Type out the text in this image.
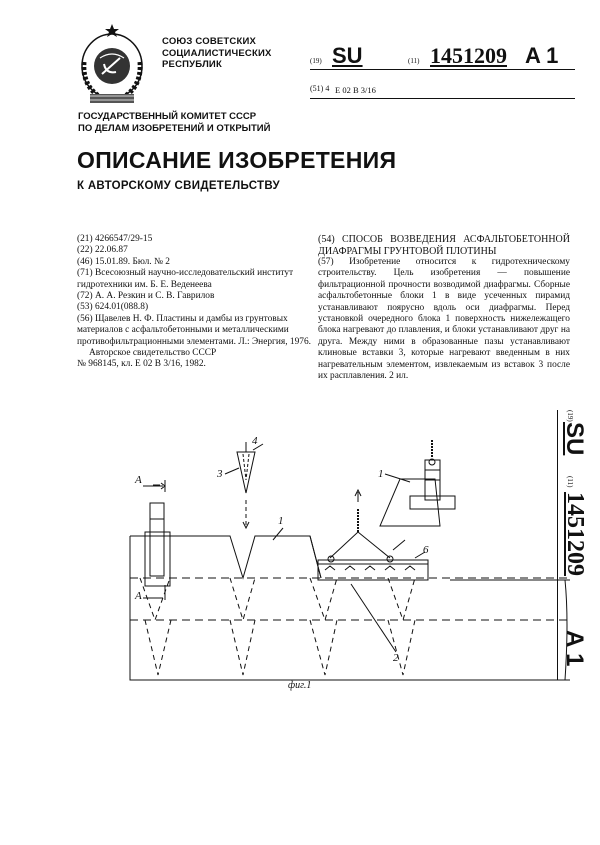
СОЮЗ СОВЕТСКИХ
СОЦИАЛИСТИЧЕСКИХ
РЕСПУБЛИК
ГОСУДАРСТВЕННЫЙ КОМИТЕТ СССР
ПО ДЕЛАМ ИЗОБРЕТЕНИЙ И ОТКРЫТИЙ
(19) SU	(11) 1451209 A 1
(51) 4 E 02 B 3/16
ОПИСАНИЕ ИЗОБРЕТЕНИЯ
К АВТОРСКОМУ СВИДЕТЕЛЬСТВУ

(21) 4266547/29-15

(22) 22.06.87

(46) 15.01.89. Бюл. № 2

(71) Всесоюзный научно-исследовательский институт гидротехники им. Б. Е. Веденеева

(72) А. А. Резкин и С. В. Гаврилов

(53) 624.01(088.8)

(56) Щавелев Н. Ф. Пластины и дамбы из грунтовых материалов с асфальтобетонными и металлическими противофильтрационными элементами. Л.: Энергия, 1976.

Авторское свидетельство СССР

№ 968145, кл. Е 02 В 3/16, 1982.

(54) СПОСОБ ВОЗВЕДЕНИЯ АСФАЛЬТОБЕТОННОЙ ДИАФРАГМЫ ГРУНТОВОЙ ПЛОТИНЫ

(57) Изобретение относится к гидротехническому строительству. Цель изобретения — повышение фильтрационной прочности возводимой диафрагмы. Сборные асфальтобетонные блоки 1 в виде усеченных пирамид устанавливают поярусно вдоль оси диафрагмы. Перед установкой очередного блока 1 поверхность нижележащего блока нагревают до плавления, и блоки устанавливают друг на друга. Между ними в образованные пазы устанавливают клиновые вставки 3, которые нагревают введенным в них нагревательным элементом, извлекаемым из вставок 3 после их расплавления. 2 ил.

(19)
SU
(11)
1451209
A 1
4
3
1
1
6
2
А
А
фиг.1
